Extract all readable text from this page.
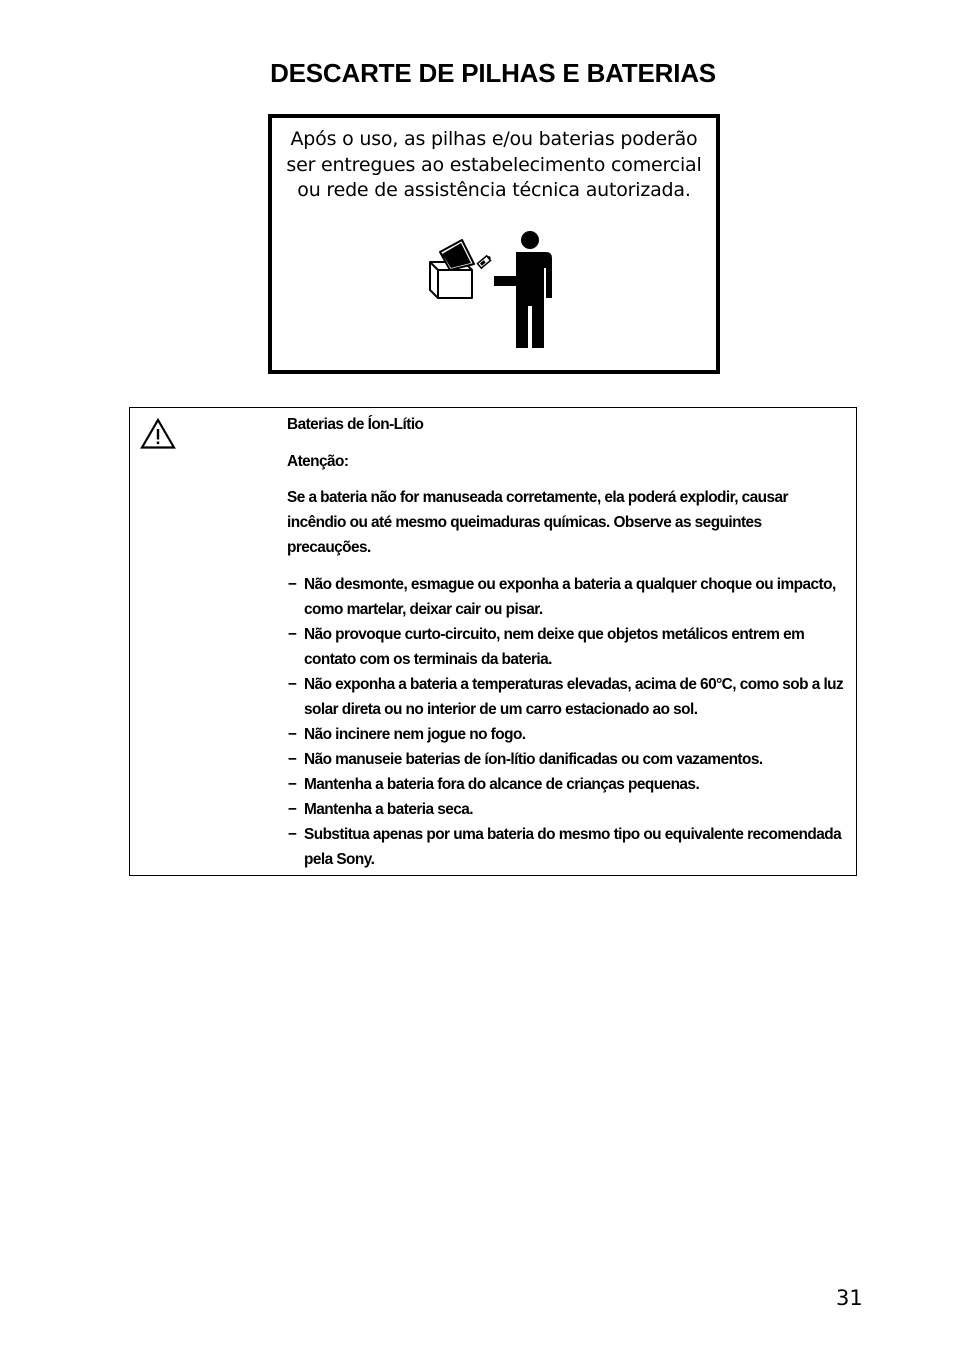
DESCARTE DE PILHAS E BATERIAS
Após o uso, as pilhas e/ou baterias poderão
ser entregues ao estabelecimento comercial
ou rede de assistência técnica autorizada.
Baterias de Íon-Lítio
Atenção:
Se a bateria não for manuseada corretamente, ela poderá explodir, causar incêndio ou até mesmo queimaduras químicas. Observe as seguintes precauções.
− Não desmonte, esmague ou exponha a bateria a qualquer choque ou impacto, como martelar, deixar cair ou pisar.
− Não provoque curto-circuito, nem deixe que objetos metálicos entrem em contato com os terminais da bateria.
− Não exponha a bateria a temperaturas elevadas, acima de 60°C, como sob a luz solar direta ou no interior de um carro estacionado ao sol.
− Não incinere nem jogue no fogo.
− Não manuseie baterias de íon-lítio danificadas ou com vazamentos.
− Mantenha a bateria fora do alcance de crianças pequenas.
− Mantenha a bateria seca.
− Substitua apenas por uma bateria do mesmo tipo ou equivalente recomendada pela Sony.
31
